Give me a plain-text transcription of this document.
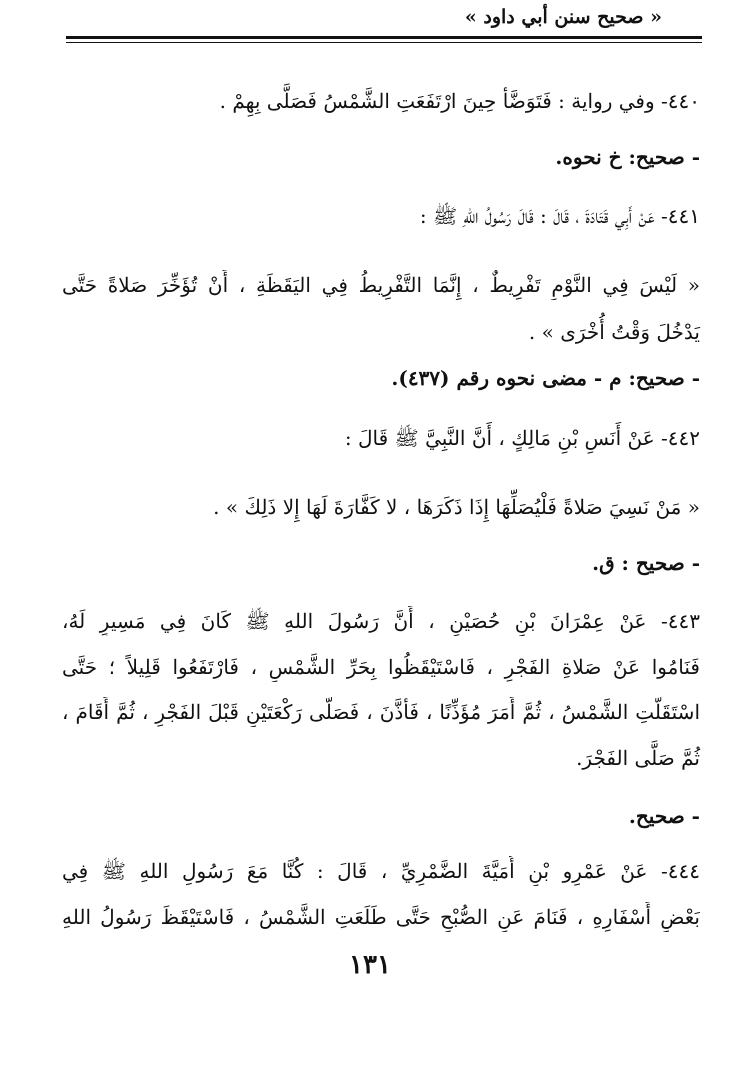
« صحيح سنن أبي داود »
٤٤٠- وفي رواية : فَتَوَضَّأ حِينَ ارْتَفَعَتِ الشَّمْسُ فَصَلَّى بِهِمْ .
- صحيح: خ نحوه.
٤٤١- عَنْ أَبِي قَتَادَةَ ، قَالَ : قَالَ رَسُولُ اللهِ ﷺ :
« لَيْسَ فِي النَّوْمِ تَفْرِيطٌ ، إِنَّمَا التَّفْرِيطُ فِي اليَقَظَةِ ، أَنْ تُؤَخِّرَ صَلاةً حَتَّى
يَدْخُلَ وَقْتُ أُخْرَى » .
- صحيح: م - مضى نحوه رقم (٤٣٧).
٤٤٢- عَنْ أَنَسِ بْنِ مَالِكٍ ، أَنَّ النَّبِيَّ ﷺ قَالَ :
« مَنْ نَسِيَ صَلاةً فَلْيُصَلِّهَا إِذَا ذَكَرَهَا ، لا كَفَّارَةَ لَهَا إِلا ذَلِكَ » .
- صحيح : ق.
٤٤٣- عَنْ عِمْرَانَ بْنِ حُصَيْنٍ ، أَنَّ رَسُولَ اللهِ ﷺ كَانَ فِي مَسِيرٍ لَهُ،
فَنَامُوا عَنْ صَلاةِ الفَجْرِ ، فَاسْتَيْقَظُوا بِحَرِّ الشَّمْسِ ، فَارْتَفَعُوا قَلِيلاً ؛ حَتَّى
اسْتَقَلَّتِ الشَّمْسُ ، ثُمَّ أَمَرَ مُؤَذِّنًا ، فَأَذَّنَ ، فَصَلَّى رَكْعَتَيْنِ قَبْلَ الفَجْرِ ، ثُمَّ أَقَامَ ،
ثُمَّ صَلَّى الفَجْرَ.
- صحيح.
٤٤٤- عَنْ عَمْرِو بْنِ أُمَيَّةَ الضَّمْرِيِّ ، قَالَ : كُنَّا مَعَ رَسُولِ اللهِ ﷺ فِي
بَعْضِ أَسْفَارِهِ ، فَنَامَ عَنِ الصُّبْحِ حَتَّى طَلَعَتِ الشَّمْسُ ، فَاسْتَيْقَظَ رَسُولُ اللهِ
١٣١
